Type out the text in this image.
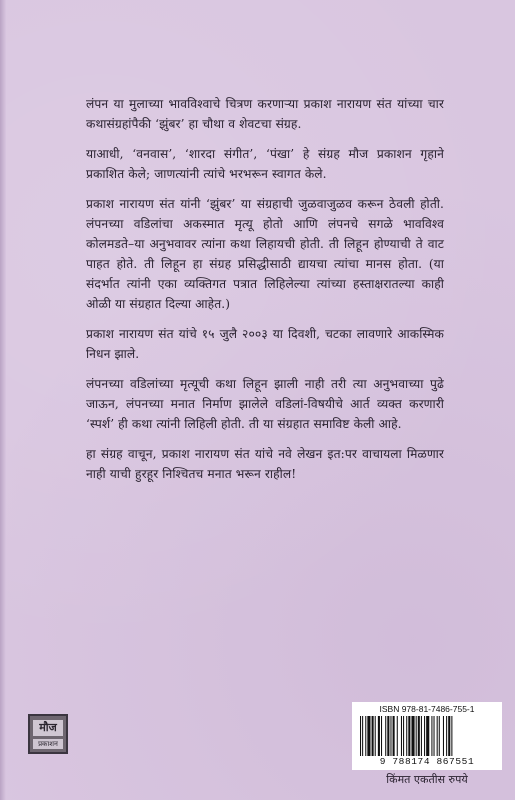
लंपन या मुलाच्या भावविश्वाचे चित्रण करणाऱ्या प्रकाश नारायण संत यांच्या चार कथासंग्रहांपैकी ‘झुंबर’ हा चौथा व शेवटचा संग्रह.

याआधी, ‘वनवास’, ‘शारदा संगीत’, ‘पंखा’ हे संग्रह मौज प्रकाशन गृहाने प्रकाशित केले; जाणत्यांनी त्यांचे भरभरून स्वागत केले.

प्रकाश नारायण संत यांनी ‘झुंबर’ या संग्रहाची जुळवाजुळव करून ठेवली होती. लंपनच्या वडिलांचा अकस्मात मृत्यू होतो आणि लंपनचे सगळे भावविश्व कोलमडते–या अनुभवावर त्यांना कथा लिहायची होती. ती लिहून होण्याची ते वाट पाहत होते. ती लिहून हा संग्रह प्रसिद्धीसाठी द्यायचा त्यांचा मानस होता. (या संदर्भात त्यांनी एका व्यक्तिगत पत्रात लिहिलेल्या त्यांच्या हस्ताक्षरातल्या काही ओळी या संग्रहात दिल्या आहेत.)

प्रकाश नारायण संत यांचे १५ जुलै २००३ या दिवशी, चटका लावणारे आकस्मिक निधन झाले.

लंपनच्या वडिलांच्या मृत्यूची कथा लिहून झाली नाही तरी त्या अनुभवाच्या पुढे जाऊन, लंपनच्या मनात निर्माण झालेले वडिलां-विषयीचे आर्त व्यक्त करणारी ‘स्पर्श’ ही कथा त्यांनी लिहिली होती. ती या संग्रहात समाविष्ट केली आहे.

हा संग्रह वाचून, प्रकाश नारायण संत यांचे नवे लेखन इत:पर वाचायला मिळणार नाही याची हुरहूर निश्चितच मनात भरून राहील!

मौज
प्रकाशन
ISBN 978-81-7486-755-1
9 788174 867551
किंमत एकतीस रुपये
